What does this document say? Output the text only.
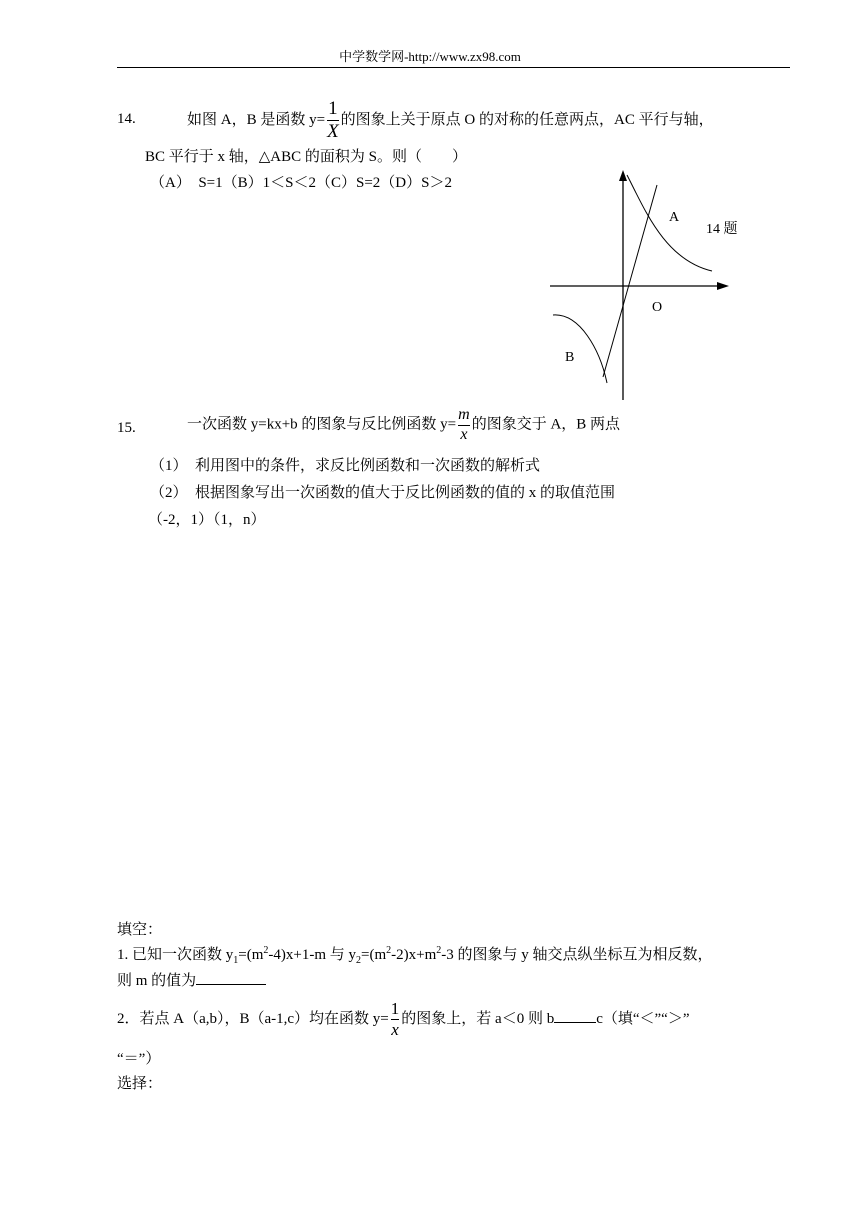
中学数学网-http://www.zx98.com
14.	如图 A，B 是函数 $y= \frac{1}{X}$ 的图象上关于原点 O 的对称的任意两点，AC 平行与轴，
BC 平行于 x 轴，△ABC 的面积为 S。则（　　）
（A）　S=1（B）1＜S＜2（C）S=2（D）S＞2
A
B
O
14 题
15.	一次函数 y=kx+b 的图象与反比例函数 $y= \frac{m}{x}$ 的图象交于 A，B 两点
（1）　利用图中的条件，求反比例函数和一次函数的解析式
（2）　根据图象写出一次函数的值大于反比例函数的值的 x 的取值范围
（-2，1）（1，n）
填空：
1. 已知一次函数 $y_1=(m^2-4)x+1-m$ 与 $y_2=(m^2-2)x+m^2-3$ 的图象与 y 轴交点纵坐标互为相反数，
则 m 的值为
2．若点 A（a,b），B（a-1,c）均在函数 $y= \frac{1}{x}$ 的图象上，若 a＜0 则 b	c（填“＜”“＞”
“＝”）
选择：
